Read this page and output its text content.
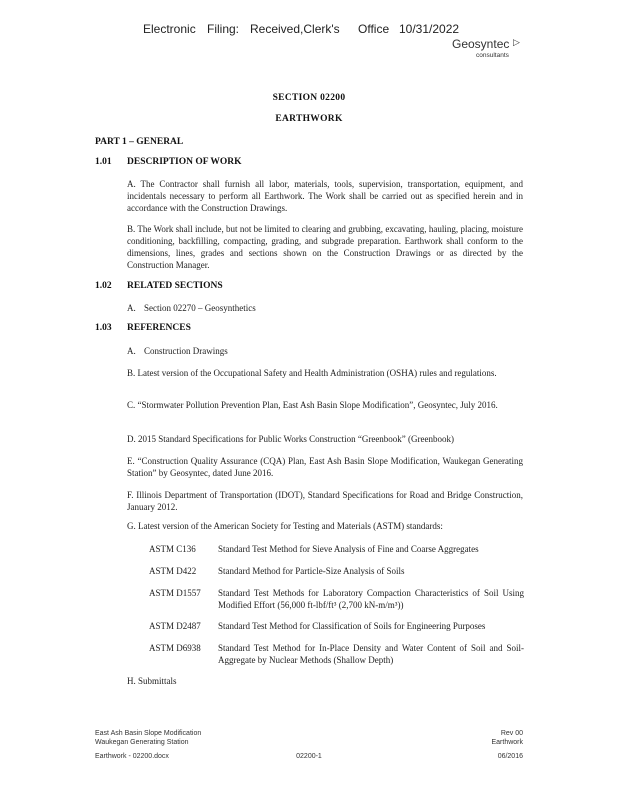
Electronic Filing: Received,Clerk's Office 10/31/2022
Geosyntec ▷
consultants
SECTION 02200
EARTHWORK
PART 1 – GENERAL
1.01 DESCRIPTION OF WORK
A. The Contractor shall furnish all labor, materials, tools, supervision, transportation, equipment, and incidentals necessary to perform all Earthwork. The Work shall be carried out as specified herein and in accordance with the Construction Drawings.
B. The Work shall include, but not be limited to clearing and grubbing, excavating, hauling, placing, moisture conditioning, backfilling, compacting, grading, and subgrade preparation. Earthwork shall conform to the dimensions, lines, grades and sections shown on the Construction Drawings or as directed by the Construction Manager.
1.02 RELATED SECTIONS
A. Section 02270 – Geosynthetics
1.03 REFERENCES
A. Construction Drawings
B. Latest version of the Occupational Safety and Health Administration (OSHA) rules and regulations.
C. “Stormwater Pollution Prevention Plan, East Ash Basin Slope Modification”, Geosyntec, July 2016.
D. 2015 Standard Specifications for Public Works Construction “Greenbook” (Greenbook)
E. “Construction Quality Assurance (CQA) Plan, East Ash Basin Slope Modification, Waukegan Generating Station” by Geosyntec, dated June 2016.
F. Illinois Department of Transportation (IDOT), Standard Specifications for Road and Bridge Construction, January 2012.
G. Latest version of the American Society for Testing and Materials (ASTM) standards:
ASTM C136 Standard Test Method for Sieve Analysis of Fine and Coarse Aggregates
ASTM D422 Standard Method for Particle-Size Analysis of Soils
ASTM D1557 Standard Test Methods for Laboratory Compaction Characteristics of Soil Using Modified Effort (56,000 ft-lbf/ft³ (2,700 kN-m/m³))
ASTM D2487 Standard Test Method for Classification of Soils for Engineering Purposes
ASTM D6938 Standard Test Method for In-Place Density and Water Content of Soil and Soil-Aggregate by Nuclear Methods (Shallow Depth)
H. Submittals
East Ash Basin Slope Modification
Waukegan Generating Station
Earthwork - 02200.docx	02200-1
Rev 00
Earthwork
06/2016
